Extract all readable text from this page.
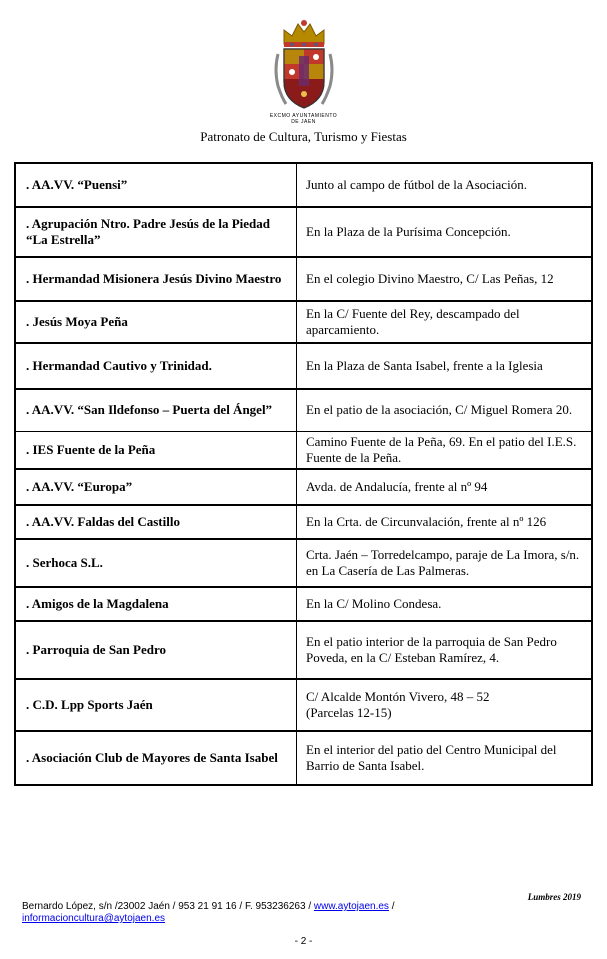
EXCMO AYUNTAMIENTO
DE JAEN
Patronato de Cultura, Turismo y Fiestas
. AA.VV. “Puensi”	Junto al campo de fútbol de la Asociación.
. Agrupación Ntro. Padre Jesús de la Piedad “La Estrella”	En la Plaza de la Purísima Concepción.
. Hermandad Misionera Jesús Divino Maestro	En el colegio Divino Maestro, C/ Las Peñas, 12
. Jesús Moya Peña	En la C/ Fuente del Rey, descampado del aparcamiento.
. Hermandad Cautivo y Trinidad.	En la Plaza de Santa Isabel, frente a la Iglesia
. AA.VV. “San Ildefonso – Puerta del Ángel”	En el patio de la asociación, C/ Miguel Romera 20.
. IES Fuente de la Peña	Camino Fuente de la Peña, 69. En el patio del I.E.S. Fuente de la Peña.
. AA.VV. “Europa”	Avda. de Andalucía, frente al nº 94
. AA.VV. Faldas del Castillo	En la Crta. de Circunvalación, frente al nº 126
. Serhoca S.L.	Crta. Jaén – Torredelcampo, paraje de La Imora, s/n. en La Casería de Las Palmeras.
. Amigos de la Magdalena	En la C/ Molino Condesa.
. Parroquia de San Pedro	En el patio interior de la parroquia de San Pedro Poveda, en la C/ Esteban Ramírez, 4.
. C.D. Lpp Sports Jaén	C/ Alcalde Montón Vivero, 48 – 52
(Parcelas 12-15)

. Asociación Club de Mayores de Santa Isabel	En el interior del patio del Centro Municipal del Barrio de Santa Isabel.
Lumbres 2019
Bernardo López, s/n /23002 Jaén / 953 21 91 16 / F. 953236263 / www.aytojaen.es /
informacioncultura@aytojaen.es
- 2 -
